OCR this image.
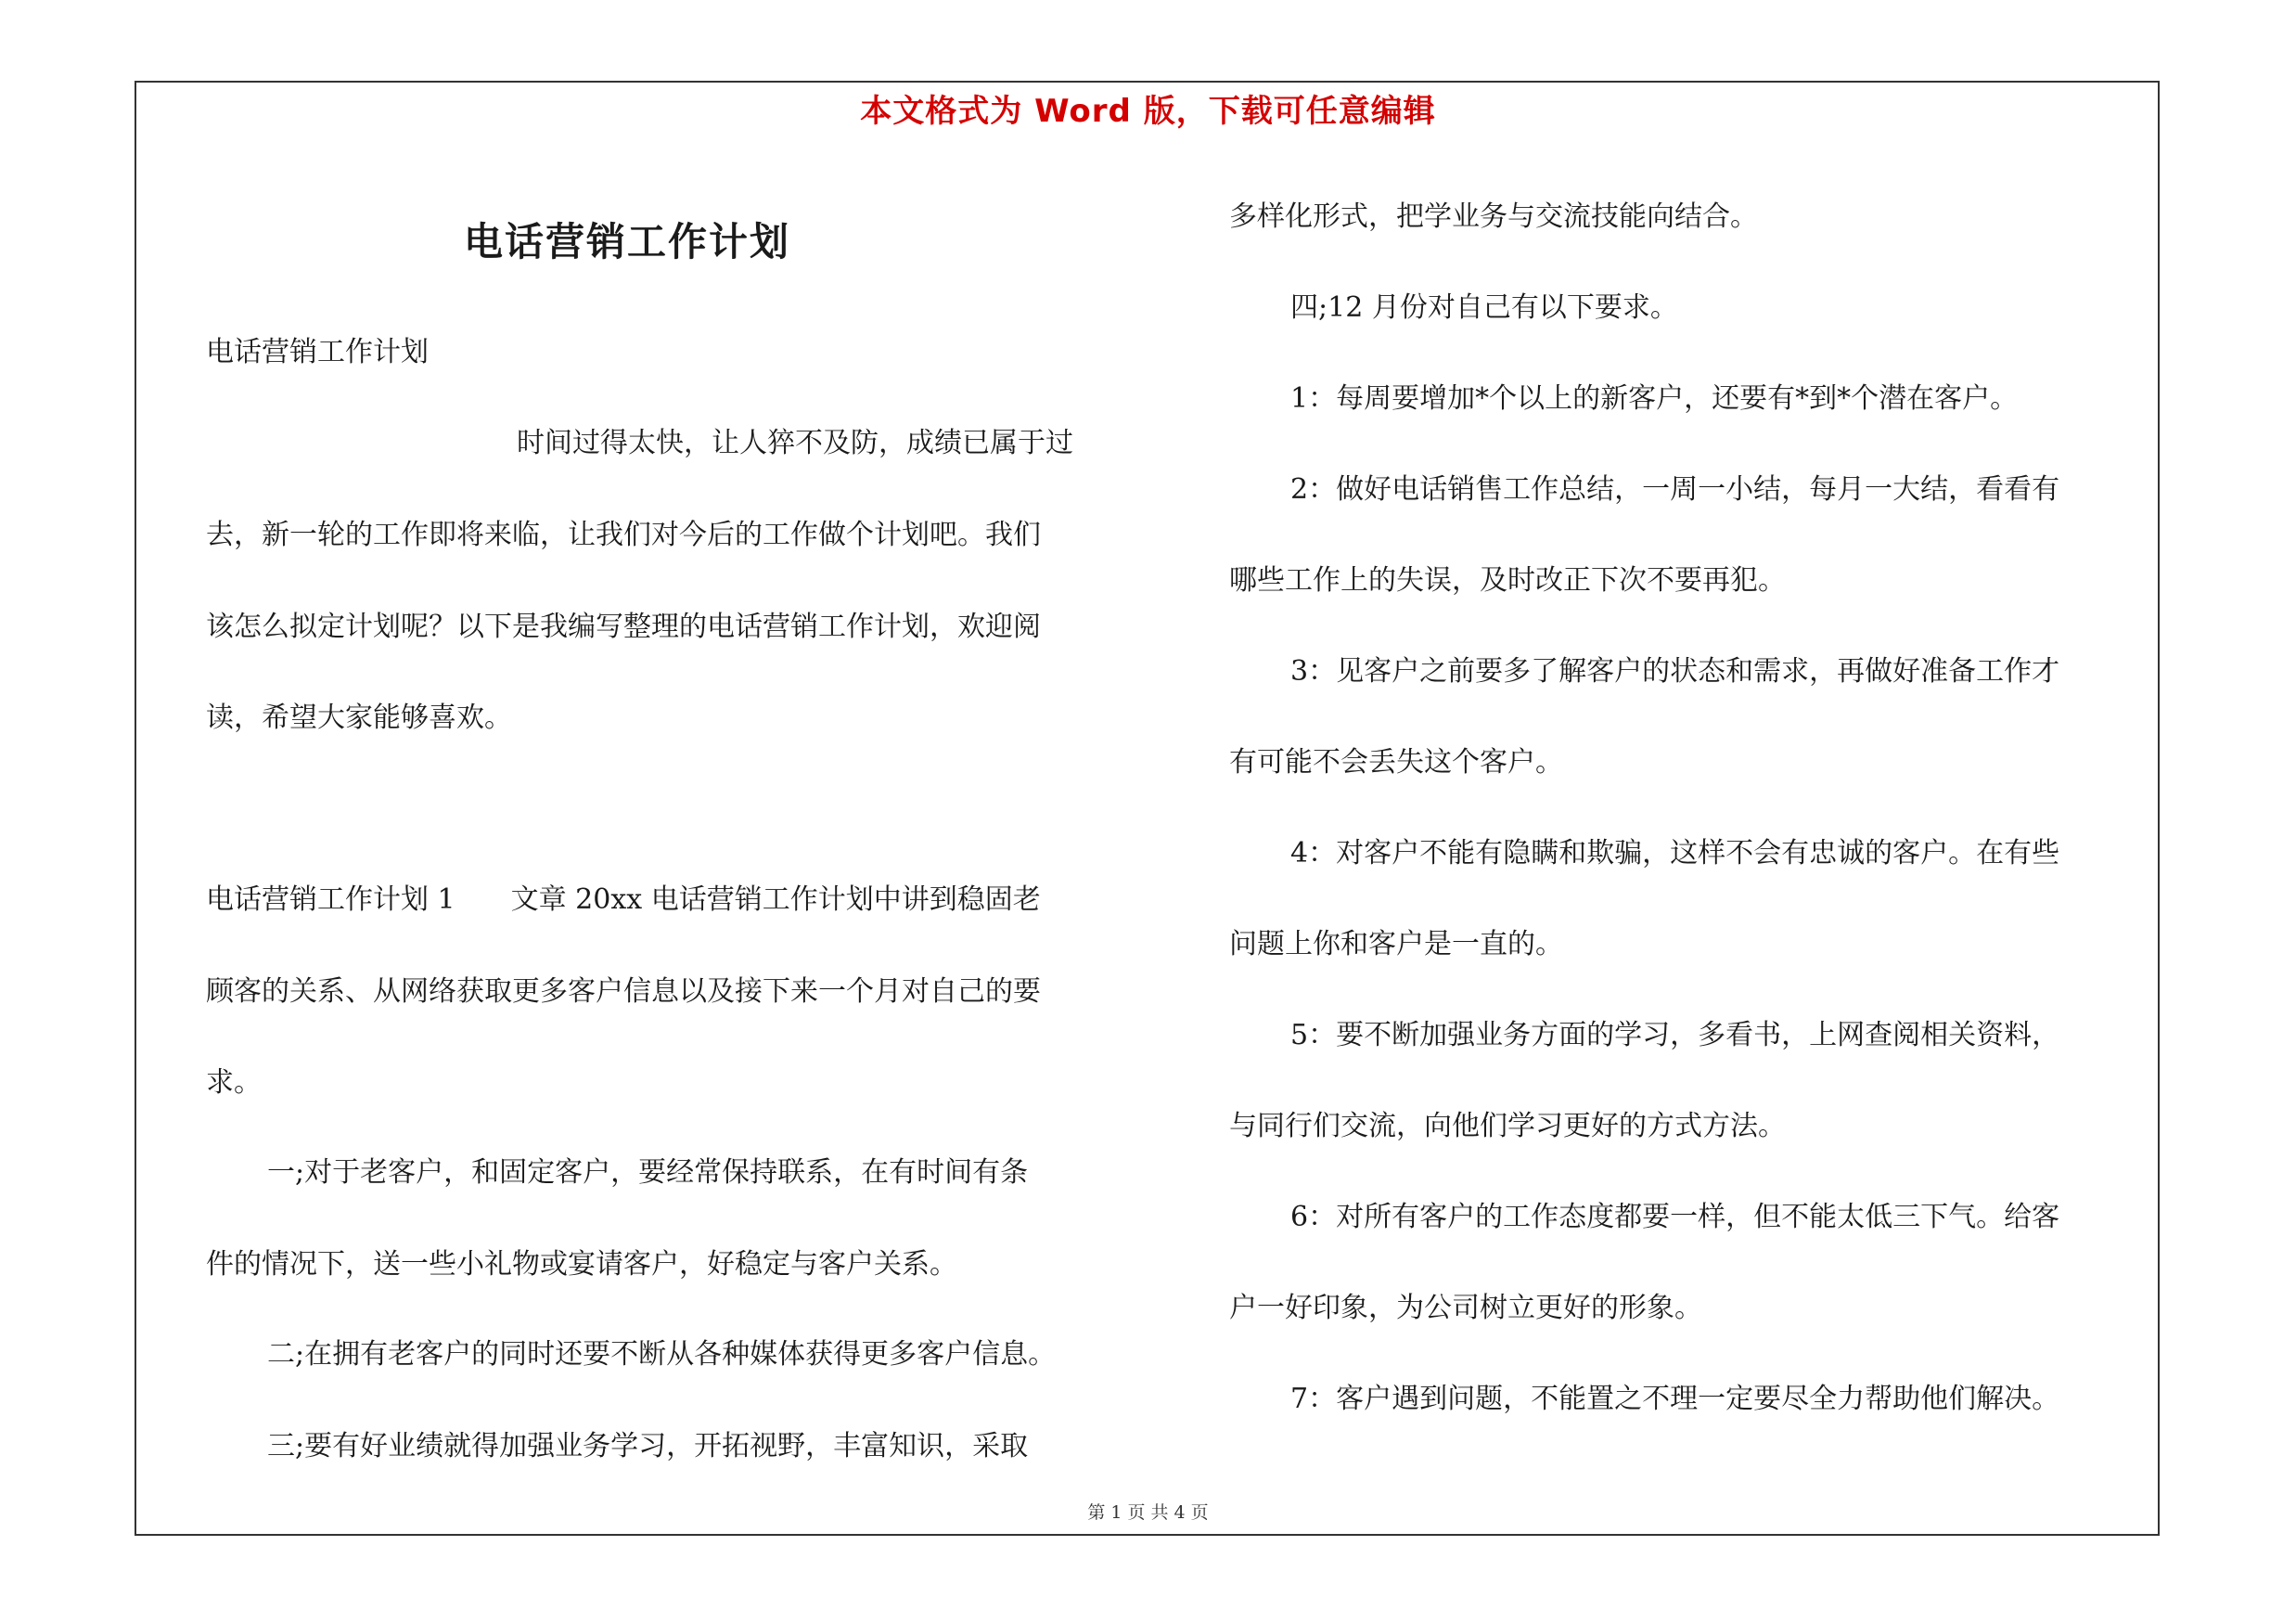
本文格式为 Word 版，下载可任意编辑
电话营销工作计划

电话营销工作计划

时间过得太快，让人猝不及防，成绩已属于过

去，新一轮的工作即将来临，让我们对今后的工作做个计划吧。我们

该怎么拟定计划呢？以下是我编写整理的电话营销工作计划，欢迎阅

读，希望大家能够喜欢。

电话营销工作计划 1　　文章 20xx 电话营销工作计划中讲到稳固老

顾客的关系、从网络获取更多客户信息以及接下来一个月对自己的要

求。

一;对于老客户，和固定客户，要经常保持联系，在有时间有条

件的情况下，送一些小礼物或宴请客户，好稳定与客户关系。

二;在拥有老客户的同时还要不断从各种媒体获得更多客户信息。

三;要有好业绩就得加强业务学习，开拓视野，丰富知识，采取

多样化形式，把学业务与交流技能向结合。

四;12 月份对自己有以下要求。

1：每周要增加*个以上的新客户，还要有*到*个潜在客户。

2：做好电话销售工作总结，一周一小结，每月一大结，看看有

哪些工作上的失误，及时改正下次不要再犯。

3：见客户之前要多了解客户的状态和需求，再做好准备工作才

有可能不会丢失这个客户。

4：对客户不能有隐瞒和欺骗，这样不会有忠诚的客户。在有些

问题上你和客户是一直的。

5：要不断加强业务方面的学习，多看书，上网查阅相关资料，

与同行们交流，向他们学习更好的方式方法。

6：对所有客户的工作态度都要一样，但不能太低三下气。给客

户一好印象，为公司树立更好的形象。

7：客户遇到问题，不能置之不理一定要尽全力帮助他们解决。

第 1 页 共 4 页
